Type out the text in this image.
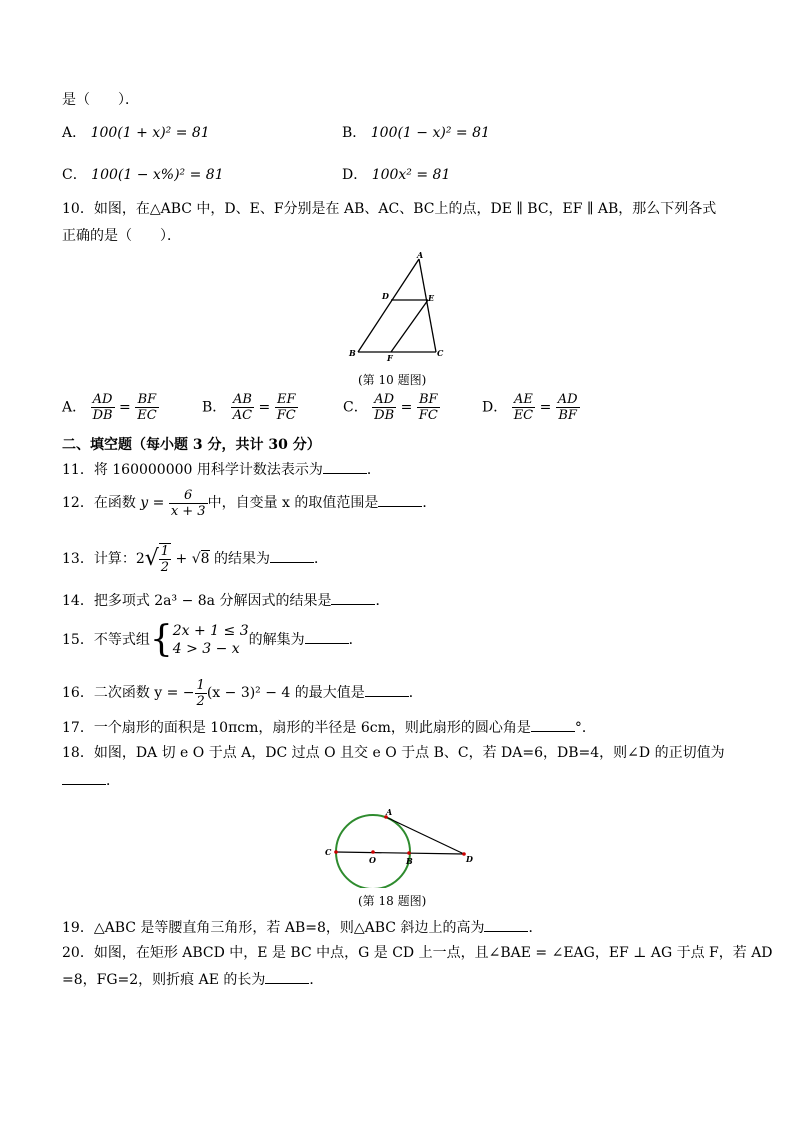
是（　　）．
A． 100(1 + x)² = 81	B． 100(1 − x)² = 81
C． 100(1 − x%)² = 81	D． 100x² = 81
10．如图，在△ABC 中，D、E、F分别是在 AB、AC、BC上的点，DE ∥ BC，EF ∥ AB，那么下列各式
正确的是（　　）．
A
D	E
B	F	C
(第 10 题图)
A． $\frac{AD}{DB} = \frac{BF}{EC}$	B． $\frac{AB}{AC} = \frac{EF}{FC}$	C． $\frac{AD}{DB} = \frac{BF}{FC}$	D． $\frac{AE}{EC} = \frac{AD}{BF}$
二、填空题（每小题 3 分，共计 30 分）
11．将 160000000 用科学计数法表示为	．
12．在函数 $y = \frac{6}{x + 3}$ 中，自变量 x 的取值范围是	．
13．计算：$2√ \frac{1}{2} + √8$ 的结果为	．
14．把多项式 2a³ − 8a 分解因式的结果是	．
15．不等式组{ 2x + 1 ≤ 3
4 > 3 − x
的解集为	．
16．二次函数 y = − $\frac{1}{2} (x - 3)^2 - 4$ 的最大值是	．
17．一个扇形的面积是 10πcm，扇形的半径是 6cm，则此扇形的圆心角是	°．
18．如图，DA 切 e O 于点 A，DC 过点 O 且交 e O 于点 B、C，若 DA=6，DB=4，则∠D 的正切值为
．
A
C
O	B	D
(第 18 题图)
19．△ABC 是等腰直角三角形，若 AB=8，则△ABC 斜边上的高为	．
20．如图，在矩形 ABCD 中，E 是 BC 中点，G 是 CD 上一点，且∠BAE = ∠EAG，EF ⊥ AG 于点 F，若 AD
=8，FG=2，则折痕 AE 的长为	．
